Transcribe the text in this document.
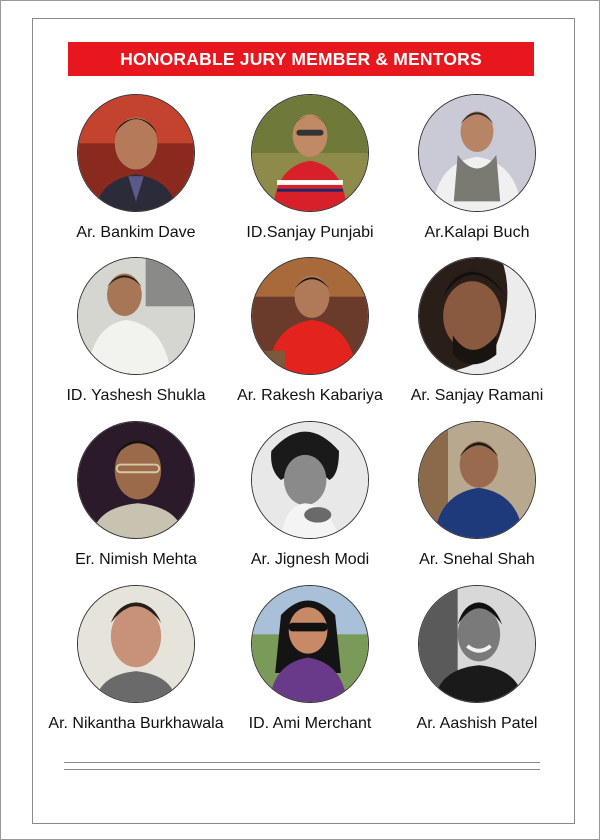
HONORABLE JURY MEMBER & MENTORS
Ar. Bankim Dave	ID.Sanjay Punjabi	Ar.Kalapi Buch
ID. Yashesh Shukla Ar. Rakesh Kabariya Ar. Sanjay Ramani
Er. Nimish Mehta	Ar. Jignesh Modi	Ar. Snehal Shah
Ar. Nikantha Burkhawala ID. Ami Merchant	Ar. Aashish Patel
